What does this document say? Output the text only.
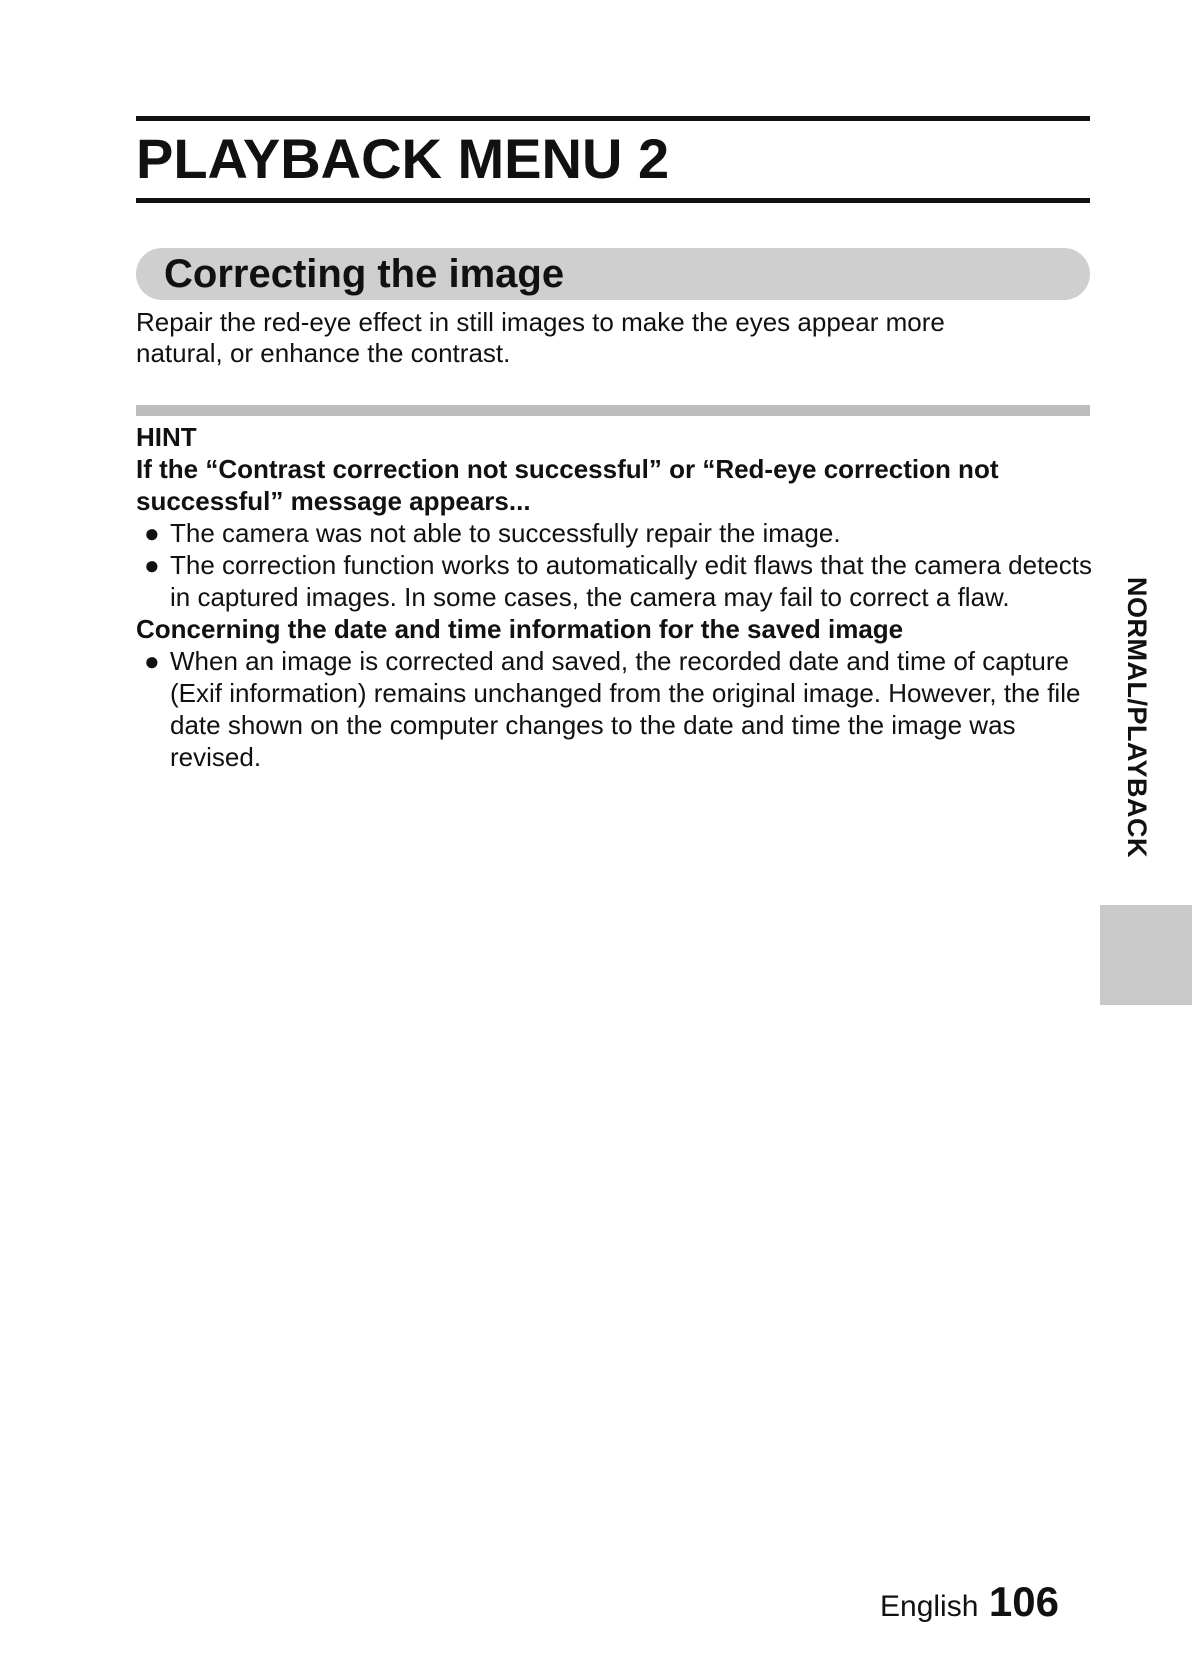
PLAYBACK MENU 2
Correcting the image

Repair the red-eye effect in still images to make the eyes appear more natural, or enhance the contrast.

HINT
If the “Contrast correction not successful” or “Red-eye correction not successful” message appears...
● The camera was not able to successfully repair the image.
● The correction function works to automatically edit flaws that the camera detects in captured images. In some cases, the camera may fail to correct a flaw.
Concerning the date and time information for the saved image
● When an image is corrected and saved, the recorded date and time of capture (Exif information) remains unchanged from the original image. However, the file date shown on the computer changes to the date and time the image was revised.	NORMAL/PLAYBACK
English 106
